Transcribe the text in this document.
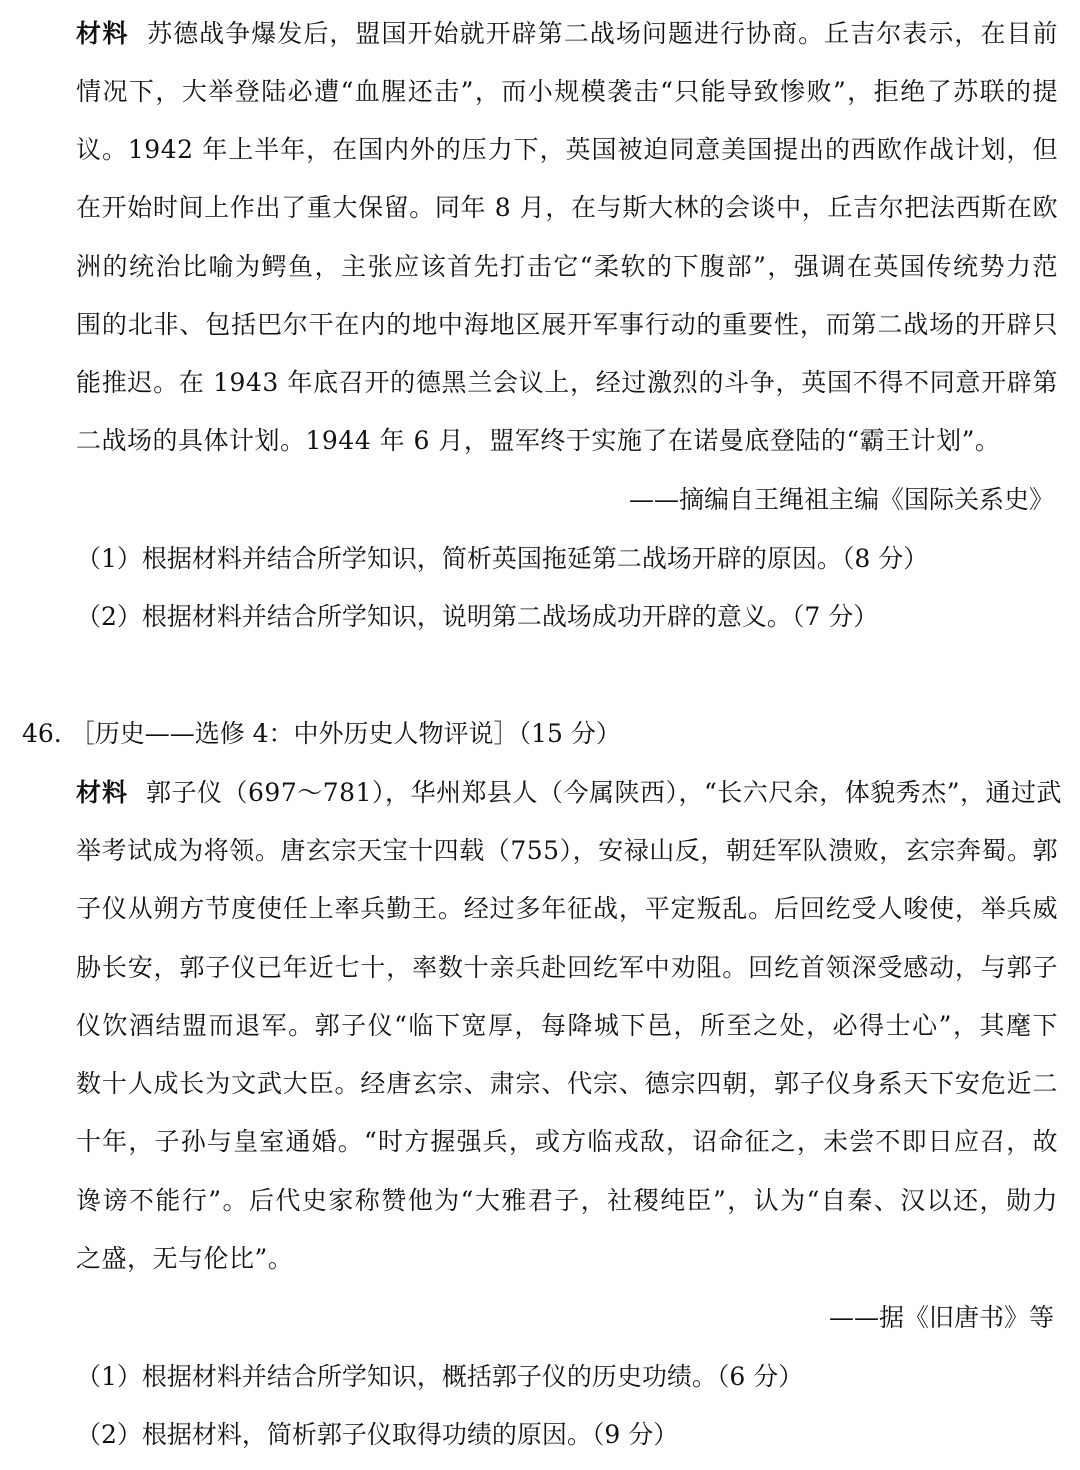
材料 苏德战争爆发后，盟国开始就开辟第二战场问题进行协商。丘吉尔表示，在目前
情况下，大举登陆必遭“血腥还击”，而小规模袭击“只能导致惨败”，拒绝了苏联的提
议。1942 年上半年，在国内外的压力下，英国被迫同意美国提出的西欧作战计划，但
在开始时间上作出了重大保留。同年 8 月，在与斯大林的会谈中，丘吉尔把法西斯在欧
洲的统治比喻为鳄鱼，主张应该首先打击它“柔软的下腹部”，强调在英国传统势力范
围的北非、包括巴尔干在内的地中海地区展开军事行动的重要性，而第二战场的开辟只
能推迟。在 1943 年底召开的德黑兰会议上，经过激烈的斗争，英国不得不同意开辟第
二战场的具体计划。1944 年 6 月，盟军终于实施了在诺曼底登陆的“霸王计划”。
——摘编自王绳祖主编《国际关系史》
（1）根据材料并结合所学知识，简析英国拖延第二战场开辟的原因。（8 分）
（2）根据材料并结合所学知识，说明第二战场成功开辟的意义。（7 分）
46. ［历史——选修 4：中外历史人物评说］（15 分）
材料 郭子仪（697～781），华州郑县人（今属陕西），“长六尺余，体貌秀杰”，通过武
举考试成为将领。唐玄宗天宝十四载（755），安禄山反，朝廷军队溃败，玄宗奔蜀。郭
子仪从朔方节度使任上率兵勤王。经过多年征战，平定叛乱。后回纥受人唆使，举兵威
胁长安，郭子仪已年近七十，率数十亲兵赴回纥军中劝阻。回纥首领深受感动，与郭子
仪饮酒结盟而退军。郭子仪“临下宽厚，每降城下邑，所至之处，必得士心”，其麾下
数十人成长为文武大臣。经唐玄宗、肃宗、代宗、德宗四朝，郭子仪身系天下安危近二
十年，子孙与皇室通婚。“时方握强兵，或方临戎敌，诏命征之，未尝不即日应召，故
谗谤不能行”。后代史家称赞他为“大雅君子，社稷纯臣”，认为“自秦、汉以还，勋力
之盛，无与伦比”。
——据《旧唐书》等
（1）根据材料并结合所学知识，概括郭子仪的历史功绩。（6 分）
（2）根据材料，简析郭子仪取得功绩的原因。（9 分）
